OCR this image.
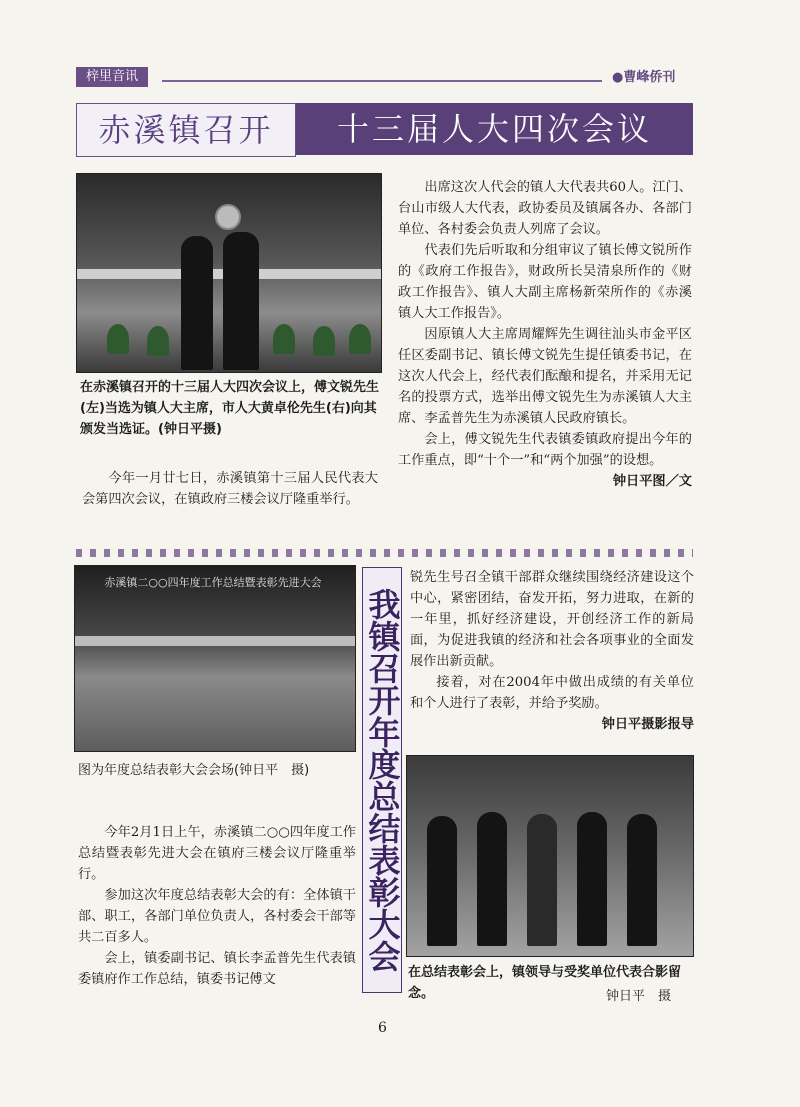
梓里音讯	●曹峰侨刊
赤溪镇召开	十三届人大四次会议
在赤溪镇召开的十三届人大四次会议上，傅文锐先生(左)当选为镇人大主席，市人大黄卓伦先生(右)向其颁发当选证。(钟日平摄)

今年一月廿七日，赤溪镇第十三届人民代表大会第四次会议，在镇政府三楼会议厅隆重举行。

出席这次人代会的镇人大代表共60人。江门、台山市级人大代表，政协委员及镇属各办、各部门单位、各村委会负责人列席了会议。

代表们先后听取和分组审议了镇长傅文锐所作的《政府工作报告》，财政所长吴清泉所作的《财政工作报告》、镇人大副主席杨新荣所作的《赤溪镇人大工作报告》。

因原镇人大主席周耀辉先生调往汕头市金平区任区委副书记、镇长傅文锐先生提任镇委书记，在这次人代会上，经代表们酝酿和提名，并采用无记名的投票方式，选举出傅文锐先生为赤溪镇人大主席、李孟普先生为赤溪镇人民政府镇长。

会上，傅文锐先生代表镇委镇政府提出今年的工作重点，即“十个一”和“两个加强”的设想。

钟日平图／文
赤溪镇二○○四年度工作总结暨表彰先进大会
图为年度总结表彰大会会场(钟日平　摄)	我镇召开年度总结表彰大会

今年2月1日上午，赤溪镇二○○四年度工作总结暨表彰先进大会在镇府三楼会议厅隆重举行。

参加这次年度总结表彰大会的有：全体镇干部、职工，各部门单位负责人，各村委会干部等共二百多人。

会上，镇委副书记、镇长李孟普先生代表镇委镇府作工作总结，镇委书记傅文

锐先生号召全镇干部群众继续围绕经济建设这个中心，紧密团结，奋发开拓，努力进取，在新的一年里，抓好经济建设，开创经济工作的新局面，为促进我镇的经济和社会各项事业的全面发展作出新贡献。

接着，对在2004年中做出成绩的有关单位和个人进行了表彰，并给予奖励。

钟日平摄影报导
在总结表彰会上，镇领导与受奖单位代表合影留念。	钟日平　摄
6
